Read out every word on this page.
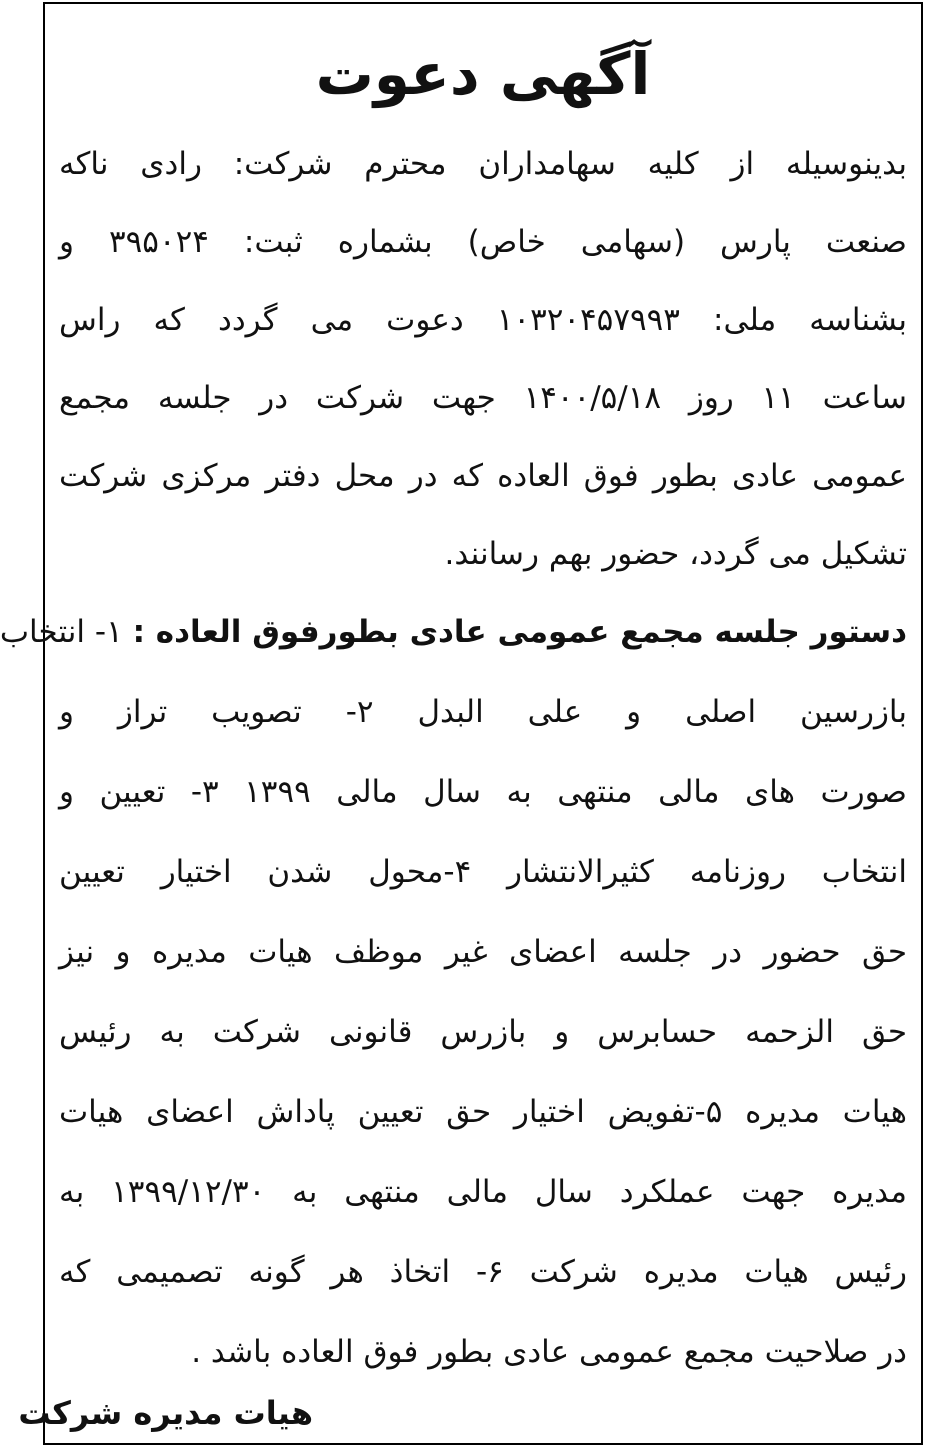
آگهی دعوت
بدینوسیله از کلیه سهامداران محترم شرکت: رادی ناکه
صنعت پارس (سهامی خاص) بشماره ثبت: ۳۹۵۰۲۴ و
بشناسه ملی: ۱۰۳۲۰۴۵۷۹۹۳ دعوت می گردد که راس
ساعت ۱۱ روز ۱۴۰۰/۵/۱۸ جهت شرکت در جلسه مجمع
عمومی عادی بطور فوق العاده که در محل دفتر مرکزی شرکت
تشکیل می گردد، حضور بهم رسانند.
دستور جلسه مجمع عمومی عادی بطورفوق العاده : ۱- انتخاب
بازرسین اصلی و علی البدل ۲- تصویب تراز و
صورت های مالی منتهی به سال مالی ۱۳۹۹ ۳- تعیین و
انتخاب روزنامه کثیرالانتشار ۴-محول شدن اختیار تعیین
حق حضور در جلسه اعضای غیر موظف هیات مدیره و نیز
حق الزحمه حسابرس و بازرس قانونی شرکت به رئیس
هیات مدیره ۵-تفویض اختیار حق تعیین پاداش اعضای هیات
مدیره جهت عملکرد سال مالی منتهی به ۱۳۹۹/۱۲/۳۰ به
رئیس هیات مدیره شرکت ۶- اتخاذ هر گونه تصمیمی که
در صلاحیت مجمع عمومی عادی بطور فوق العاده باشد .
هیات مدیره شرکت
